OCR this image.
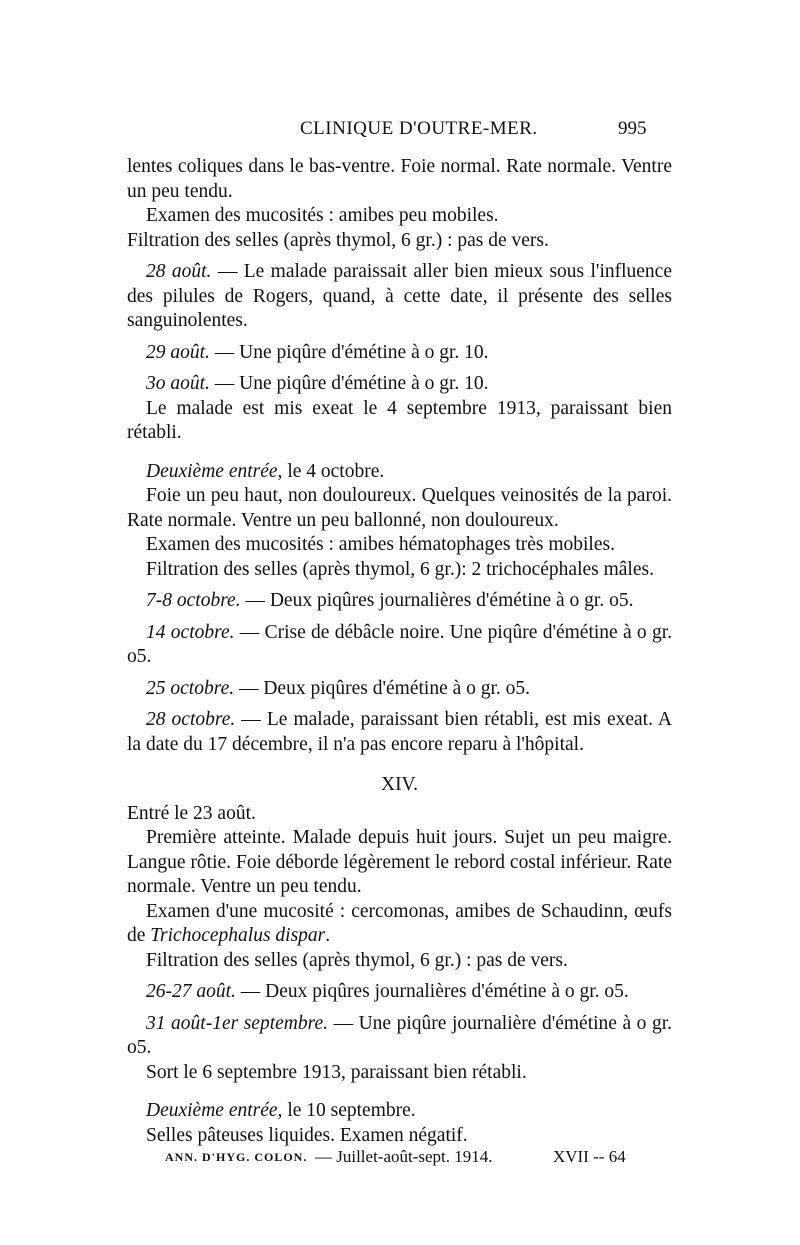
CLINIQUE D'OUTRE-MER.	995

lentes coliques dans le bas-ventre. Foie normal. Rate normale. Ventre un peu tendu.

Examen des mucosités : amibes peu mobiles.

Filtration des selles (après thymol, 6 gr.) : pas de vers.

28 août. — Le malade paraissait aller bien mieux sous l'influence des pilules de Rogers, quand, à cette date, il présente des selles sanguinolentes.

29 août. — Une piqûre d'émétine à o gr. 10.

3o août. — Une piqûre d'émétine à o gr. 10.

Le malade est mis exeat le 4 septembre 1913, paraissant bien rétabli.

Deuxième entrée, le 4 octobre.

Foie un peu haut, non douloureux. Quelques veinosités de la paroi. Rate normale. Ventre un peu ballonné, non douloureux.

Examen des mucosités : amibes hématophages très mobiles.

Filtration des selles (après thymol, 6 gr.): 2 trichocéphales mâles.

7-8 octobre. — Deux piqûres journalières d'émétine à o gr. o5.

14 octobre. — Crise de débâcle noire. Une piqûre d'émétine à o gr. o5.

25 octobre. — Deux piqûres d'émétine à o gr. o5.

28 octobre. — Le malade, paraissant bien rétabli, est mis exeat. A la date du 17 décembre, il n'a pas encore reparu à l'hôpital.

XIV.

Entré le 23 août.

Première atteinte. Malade depuis huit jours. Sujet un peu maigre. Langue rôtie. Foie déborde légèrement le rebord costal inférieur. Rate normale. Ventre un peu tendu.

Examen d'une mucosité : cercomonas, amibes de Schaudinn, œufs de Trichocephalus dispar.

Filtration des selles (après thymol, 6 gr.) : pas de vers.

26-27 août. — Deux piqûres journalières d'émétine à o gr. o5.

31 août-1er septembre. — Une piqûre journalière d'émétine à o gr. o5.

Sort le 6 septembre 1913, paraissant bien rétabli.

Deuxième entrée, le 10 septembre.

Selles pâteuses liquides. Examen négatif.

ANN. D'HYG. COLON. — Juillet-août-sept. 1914.	XVII -- 64
